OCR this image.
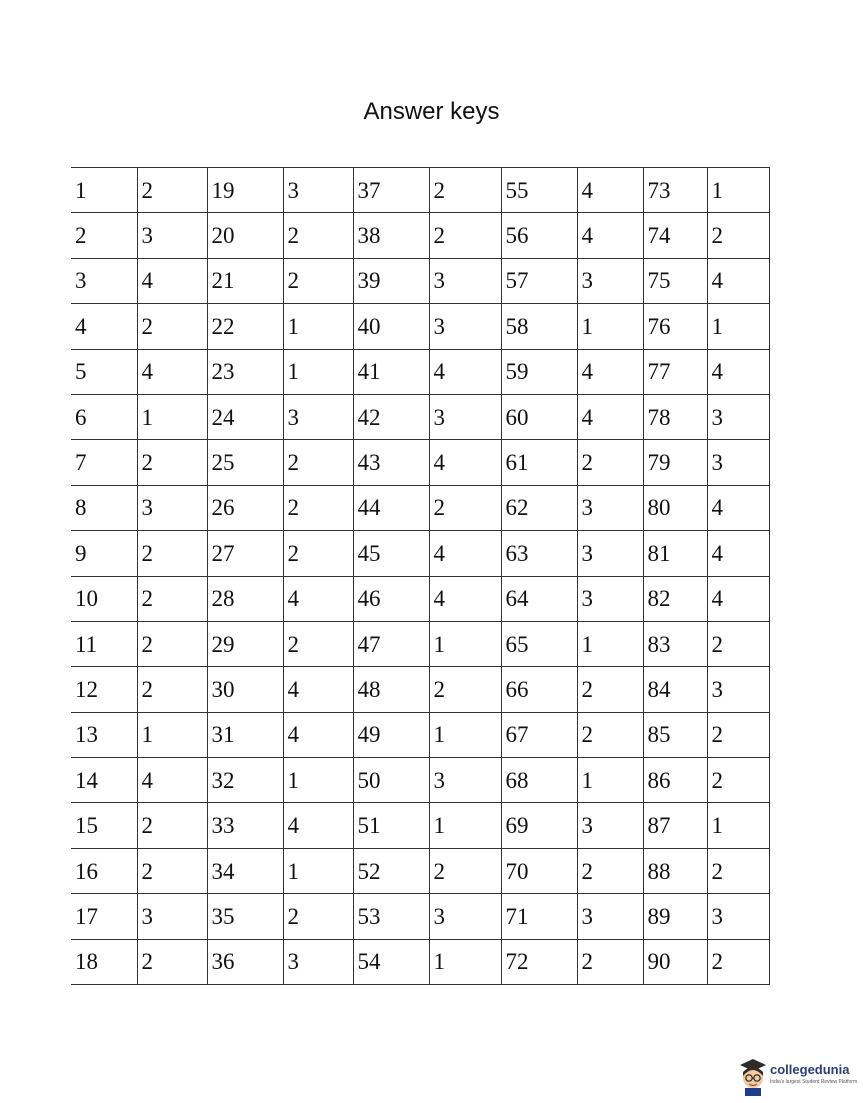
Answer keys
1	2	19	3	37	2	55	4	73	1
2	3	20	2	38	2	56	4	74	2
3	4	21	2	39	3	57	3	75	4
4	2	22	1	40	3	58	1	76	1
5	4	23	1	41	4	59	4	77	4
6	1	24	3	42	3	60	4	78	3
7	2	25	2	43	4	61	2	79	3
8	3	26	2	44	2	62	3	80	4
9	2	27	2	45	4	63	3	81	4
10	2	28	4	46	4	64	3	82	4
11	2	29	2	47	1	65	1	83	2
12	2	30	4	48	2	66	2	84	3
13	1	31	4	49	1	67	2	85	2
14	4	32	1	50	3	68	1	86	2
15	2	33	4	51	1	69	3	87	1
16	2	34	1	52	2	70	2	88	2
17	3	35	2	53	3	71	3	89	3
18	2	36	3	54	1	72	2	90	2
collegedunia
India's largest Student Review Platform
